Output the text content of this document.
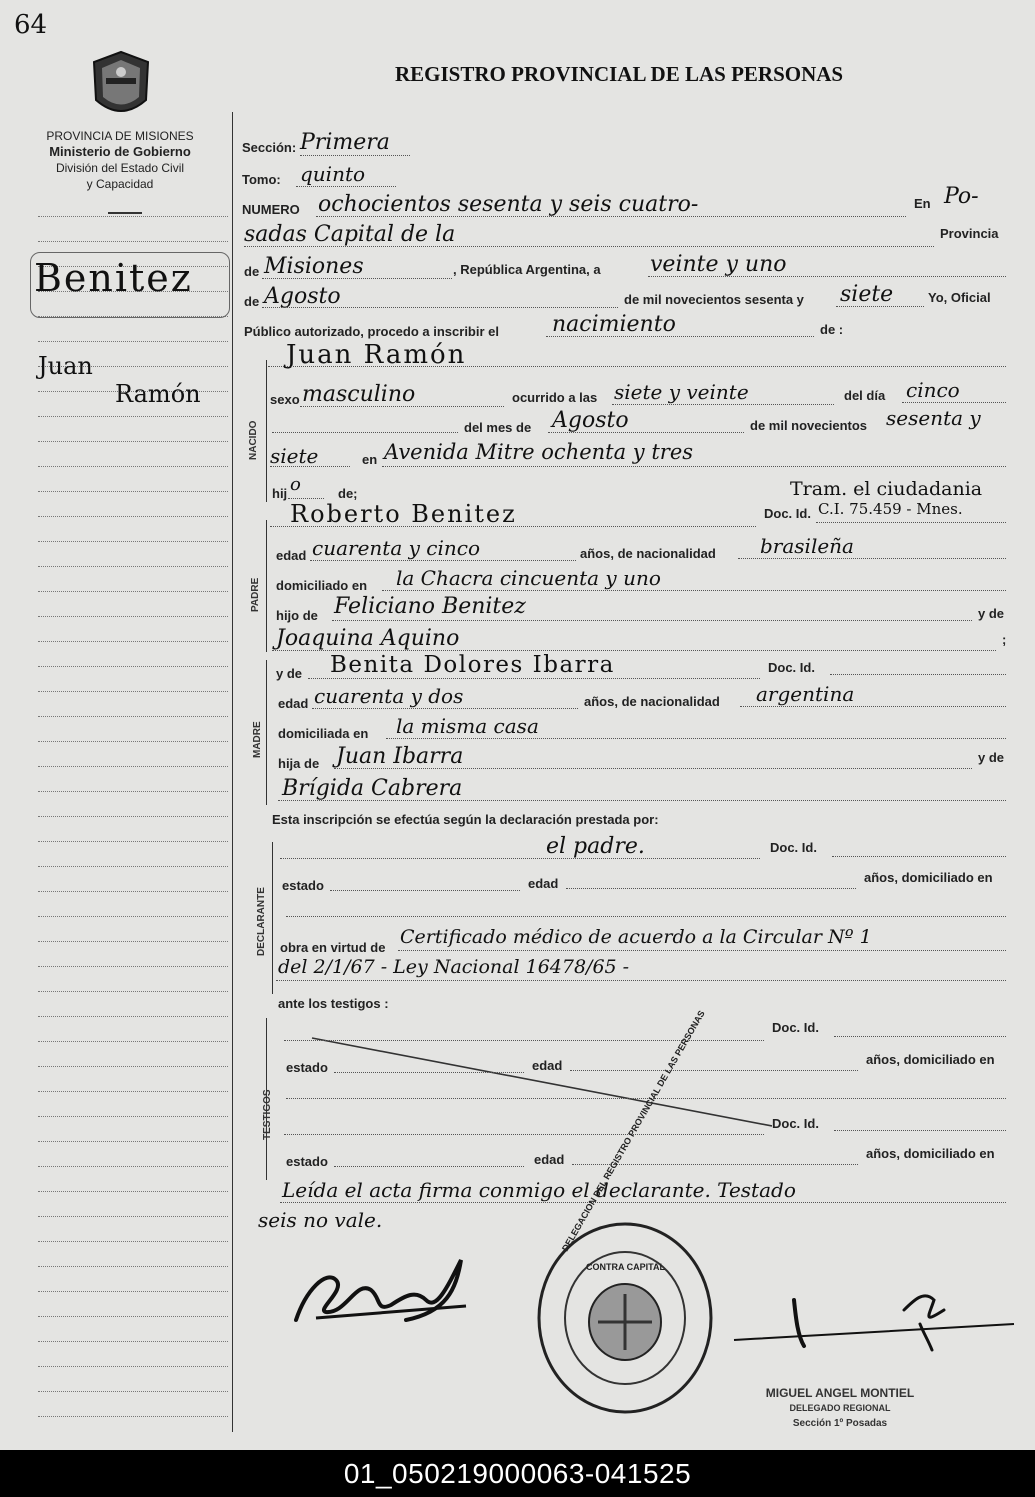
64
PROVINCIA DE MISIONES
Ministerio de Gobierno
División del Estado Civil
y Capacidad
REGISTRO PROVINCIAL DE LAS PERSONAS
Benitez
Juan
Ramón
Sección: Primera
Tomo: quinto
NUMERO ochocientos sesenta y seis cuatro-	En Po-
sadas Capital de la	Provincia
de Misiones	, República Argentina, a veinte y uno
de Agosto	de mil novecientos sesenta y siete	Yo, Oficial
Público autorizado, procedo a inscribir el nacimiento	de :
NACIDO
Juan Ramón
sexo masculino	ocurrido a las siete y veinte	del día cinco
del mes de Agosto	de mil novecientos sesenta y
siete	en Avenida Mitre ochenta y tres
hij o	de;	Tram. el ciudadania
PADRE
Roberto Benitez	Doc. Id. C.I. 75.459 - Mnes.
edad cuarenta y cinco	años, de nacionalidad brasileña
domiciliado en la Chacra cincuenta y uno
hijo de Feliciano Benitez	y de
Joaquina Aquino	;
MADRE
y de Benita Dolores Ibarra	Doc. Id.
edad cuarenta y dos	años, de nacionalidad argentina
domiciliada en la misma casa
hija de Juan Ibarra	y de
Brígida Cabrera
Esta inscripción se efectúa según la declaración prestada por:
DECLARANTE
el padre.	Doc. Id.
estado	edad	años, domiciliado en
obra en virtud de Certificado médico de acuerdo a la Circular Nº 1
del 2/1/67 - Ley Nacional 16478/65 -
ante los testigos :
TESTIGOS
Doc. Id.
estado	edad	años, domiciliado en
Doc. Id.
estado	edad	años, domiciliado en
Leída el acta firma conmigo el declarante. Testado
seis no vale.	DELEGACION DEL REGISTRO PROVINCIAL DE LAS PERSONAS
CONTRA CAPITAL
MIGUEL ANGEL MONTIEL
DELEGADO REGIONAL
Sección 1º Posadas
01_050219000063-041525
